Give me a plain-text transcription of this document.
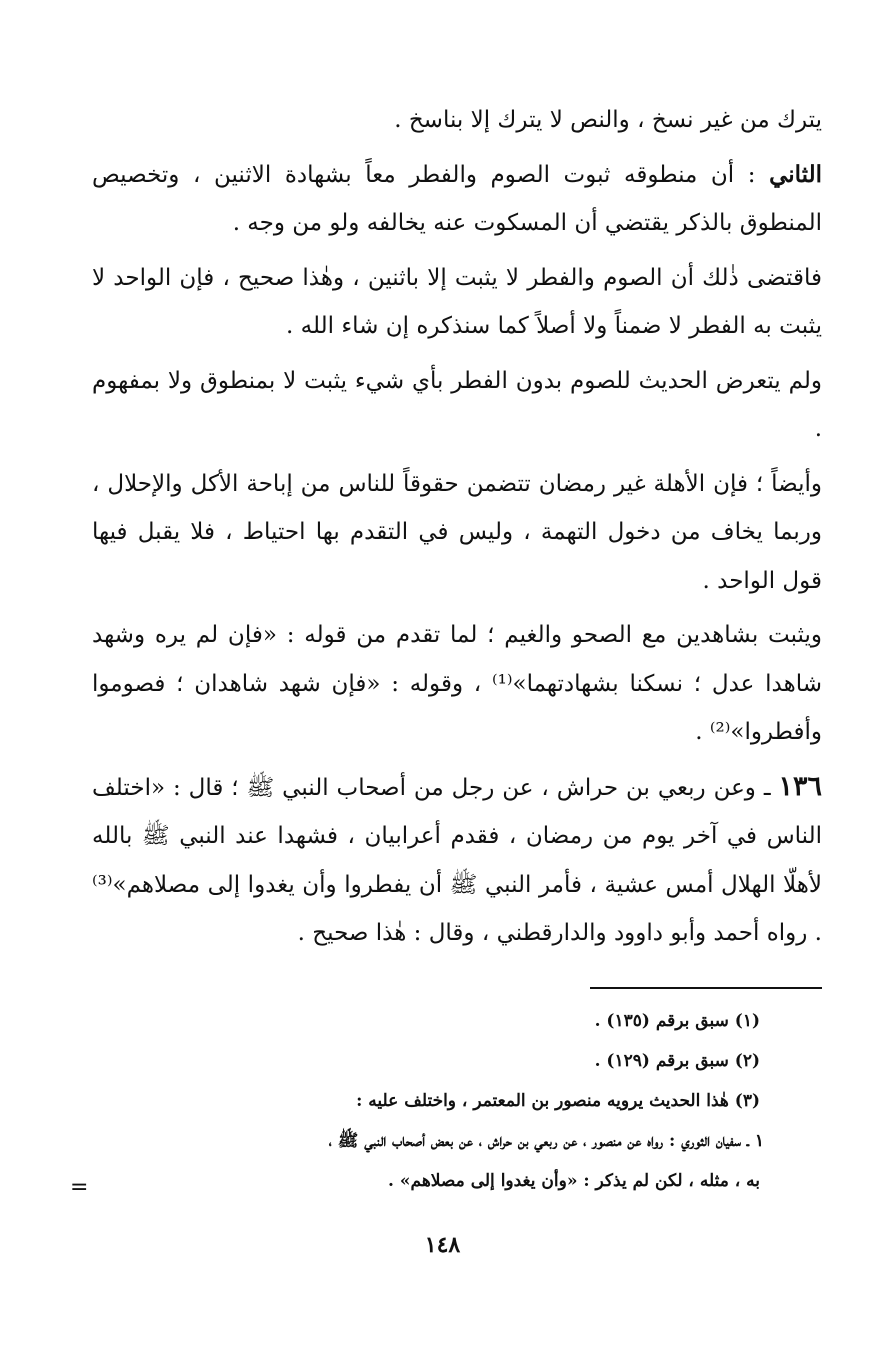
يترك من غير نسخ ، والنص لا يترك إلا بناسخ .

الثاني : أن منطوقه ثبوت الصوم والفطر معاً بشهادة الاثنين ، وتخصيص المنطوق بالذكر يقتضي أن المسكوت عنه يخالفه ولو من وجه .

فاقتضى ذٰلك أن الصوم والفطر لا يثبت إلا باثنين ، وهٰذا صحيح ، فإن الواحد لا يثبت به الفطر لا ضمناً ولا أصلاً كما سنذكره إن شاء الله .

ولم يتعرض الحديث للصوم بدون الفطر بأي شيء يثبت لا بمنطوق ولا بمفهوم .

وأيضاً ؛ فإن الأهلة غير رمضان تتضمن حقوقاً للناس من إباحة الأكل والإحلال ، وربما يخاف من دخول التهمة ، وليس في التقدم بها احتياط ، فلا يقبل فيها قول الواحد .

ويثبت بشاهدين مع الصحو والغيم ؛ لما تقدم من قوله : «فإن لم يره وشهد شاهدا عدل ؛ نسكنا بشهادتهما»⁽¹⁾ ، وقوله : «فإن شهد شاهدان ؛ فصوموا وأفطروا»⁽²⁾ .

١٣٦ ـ وعن ربعي بن حراش ، عن رجل من أصحاب النبي ﷺ ؛ قال : «اختلف الناس في آخر يوم من رمضان ، فقدم أعرابيان ، فشهدا عند النبي ﷺ بالله لأهلّا الهلال أمس عشية ، فأمر النبي ﷺ أن يفطروا وأن يغدوا إلى مصلاهم»⁽³⁾ . رواه أحمد وأبو داوود والدارقطني ، وقال : هٰذا صحيح .

(١) سبق برقم (١٣٥) .

(٢) سبق برقم (١٢٩) .

(٣) هٰذا الحديث يرويه منصور بن المعتمر ، واختلف عليه :

١ ـ سفيان الثوري : رواه عن منصور ، عن ربعي بن حراش ، عن بعض أصحاب النبي ﷺ ،

به ، مثله ، لكن لم يذكر : «وأن يغدوا إلى مصلاهم» .

=
١٤٨
